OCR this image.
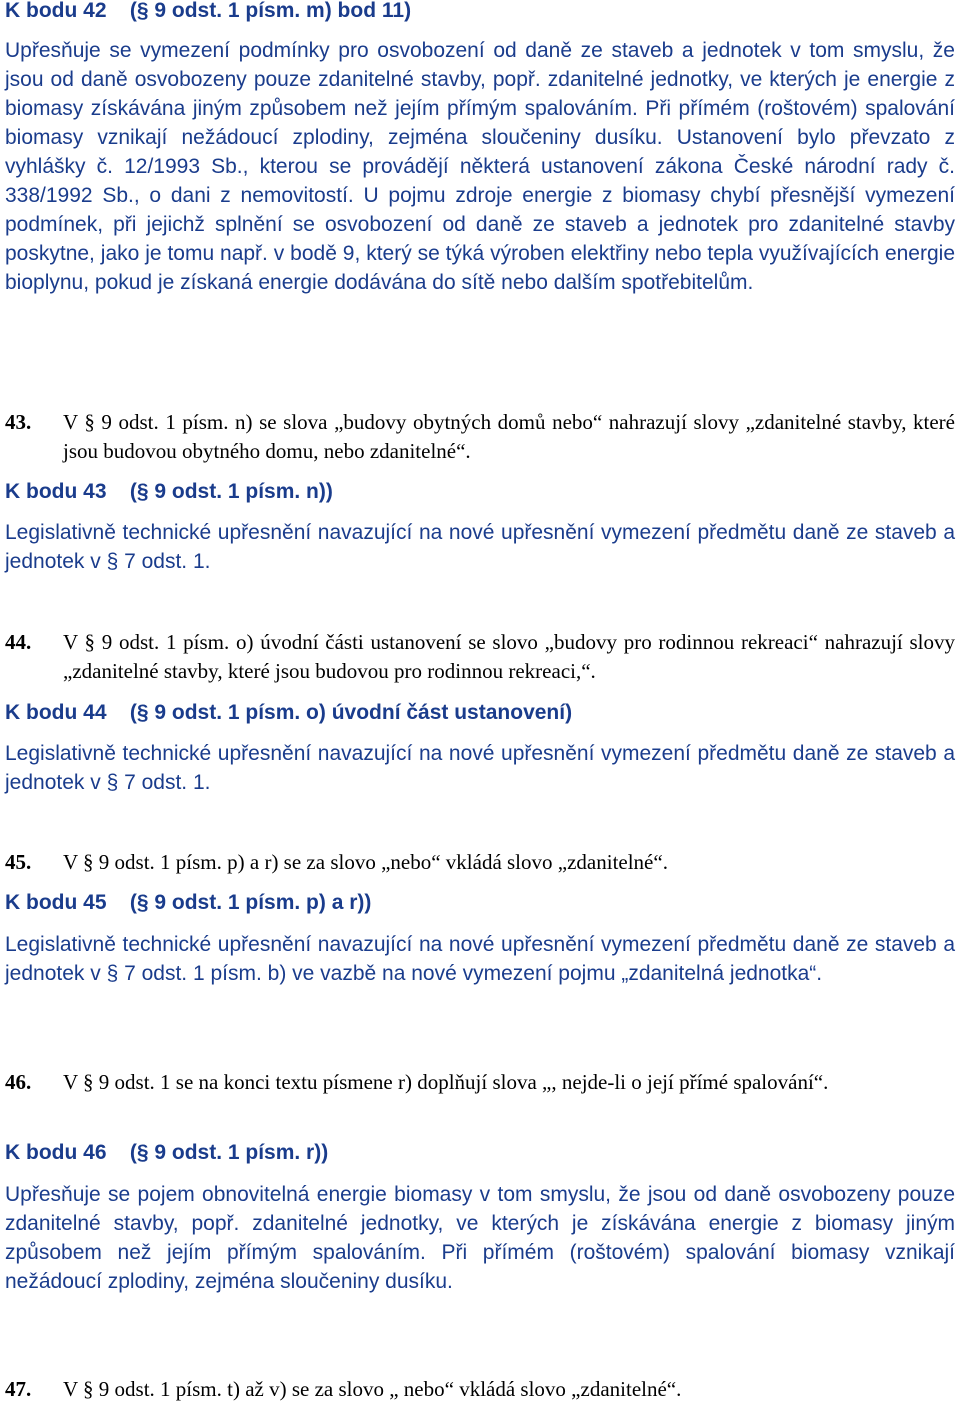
K bodu 42    (§ 9 odst. 1 písm. m) bod 11)
Upřesňuje se vymezení podmínky pro osvobození od daně ze staveb a jednotek v tom smyslu, že jsou od daně osvobozeny pouze zdanitelné stavby, popř. zdanitelné jednotky, ve kterých je energie z biomasy získávána jiným způsobem než jejím přímým spalováním. Při přímém (roštovém) spalování biomasy vznikají nežádoucí zplodiny, zejména sloučeniny dusíku. Ustanovení bylo převzato z vyhlášky č. 12/1993 Sb., kterou se provádějí některá ustanovení zákona České národní rady č. 338/1992 Sb., o dani z nemovitostí. U pojmu zdroje energie z biomasy chybí přesnější vymezení podmínek, při jejichž splnění se osvobození od daně ze staveb a jednotek pro zdanitelné stavby poskytne, jako je tomu např. v bodě 9, který se týká výroben elektřiny nebo tepla využívajících energie bioplynu, pokud je získaná energie dodávána do sítě nebo dalším spotřebitelům.
43. V § 9 odst. 1 písm. n) se slova „budovy obytných domů nebo“ nahrazují slovy „zdanitelné stavby, které jsou budovou obytného domu, nebo zdanitelné“.
K bodu 43    (§ 9 odst. 1 písm. n))
Legislativně technické upřesnění navazující na nové upřesnění vymezení předmětu daně ze staveb a jednotek v § 7 odst. 1.
44. V § 9 odst. 1 písm. o) úvodní části ustanovení se slovo „budovy pro rodinnou rekreaci“ nahrazují slovy „zdanitelné stavby, které jsou budovou pro rodinnou rekreaci,“.
K bodu 44    (§ 9 odst. 1 písm. o) úvodní část ustanovení)
Legislativně technické upřesnění navazující na nové upřesnění vymezení předmětu daně ze staveb a jednotek v § 7 odst. 1.
45. V § 9 odst. 1 písm. p) a r) se za slovo „nebo“ vkládá slovo „zdanitelné“.
K bodu 45    (§ 9 odst. 1 písm. p) a r))
Legislativně technické upřesnění navazující na nové upřesnění vymezení předmětu daně ze staveb a jednotek v § 7 odst. 1 písm. b) ve vazbě na nové vymezení pojmu „zdanitelná jednotka“.
46. V § 9 odst. 1 se na konci textu písmene r) doplňují slova „, nejde-li o její přímé spalování“.
K bodu 46    (§ 9 odst. 1 písm. r))
Upřesňuje se pojem obnovitelná energie biomasy v tom smyslu, že jsou od daně osvobozeny pouze zdanitelné stavby, popř. zdanitelné jednotky, ve kterých je získávána energie z biomasy jiným způsobem než jejím přímým spalováním. Při přímém (roštovém) spalování biomasy vznikají nežádoucí zplodiny, zejména sloučeniny dusíku.
47. V § 9 odst. 1 písm. t) až v) se za slovo „ nebo“ vkládá slovo „zdanitelné“.
